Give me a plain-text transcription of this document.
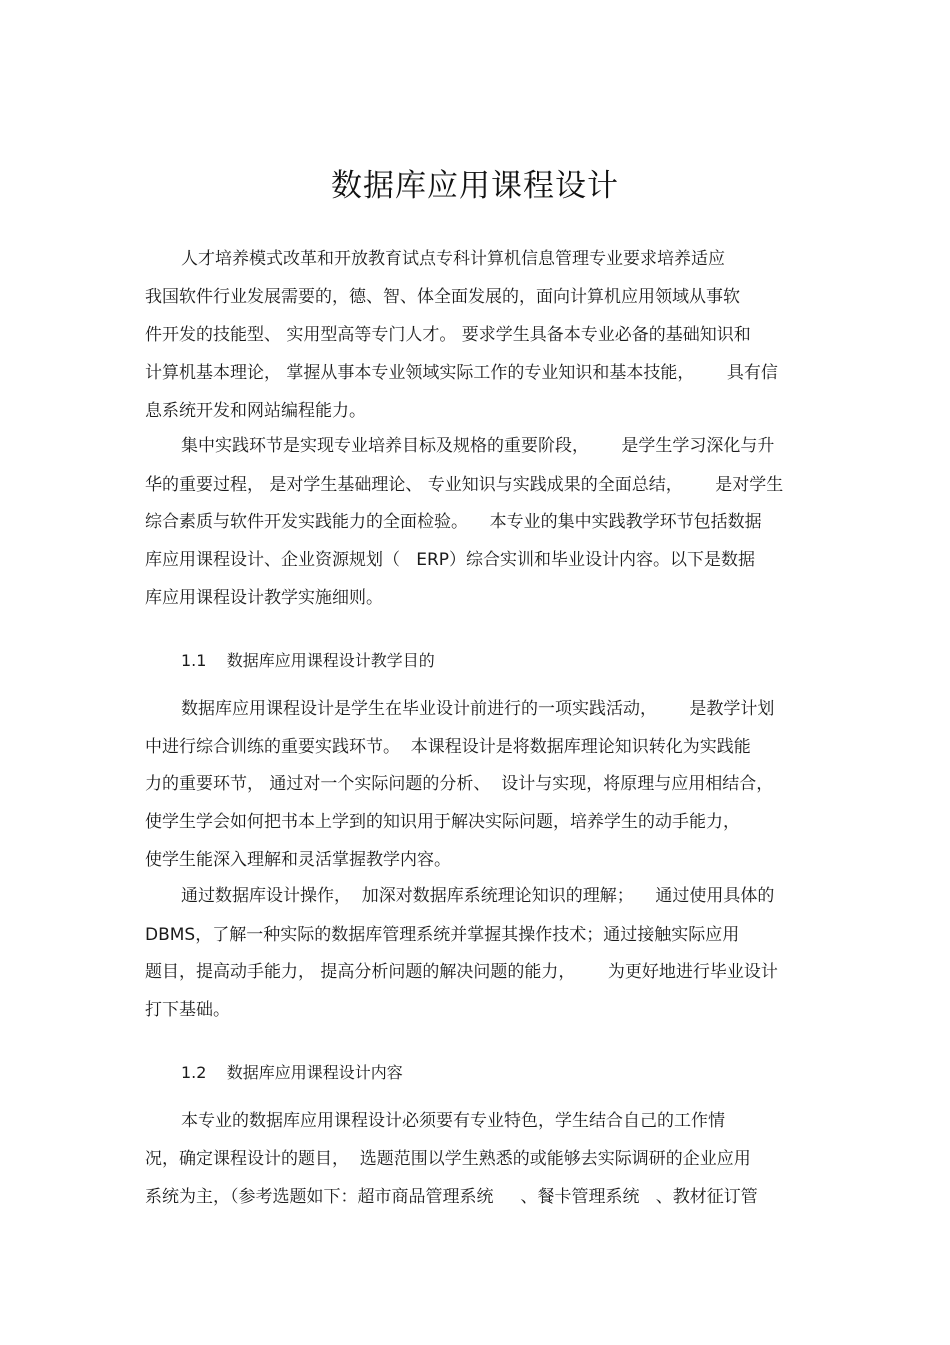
数据库应用课程设计
人才培养模式改革和开放教育试点专科计算机信息管理专业要求培养适应
我国软件行业发展需要的，德、智、体全面发展的，面向计算机应用领域从事软
件开发的技能型、 实用型高等专门人才。 要求学生具备本专业必备的基础知识和
计算机基本理论， 掌握从事本专业领域实际工作的专业知识和基本技能，      具有信
息系统开发和网站编程能力。
集中实践环节是实现专业培养目标及规格的重要阶段，      是学生学习深化与升
华的重要过程， 是对学生基础理论、 专业知识与实践成果的全面总结，      是对学生
综合素质与软件开发实践能力的全面检验。    本专业的集中实践教学环节包括数据
库应用课程设计、企业资源规划（   ERP）综合实训和毕业设计内容。以下是数据
库应用课程设计教学实施细则。
1.1    数据库应用课程设计教学目的
数据库应用课程设计是学生在毕业设计前进行的一项实践活动，      是教学计划
中进行综合训练的重要实践环节。  本课程设计是将数据库理论知识转化为实践能
力的重要环节， 通过对一个实际问题的分析、  设计与实现，将原理与应用相结合，
使学生学会如何把书本上学到的知识用于解决实际问题，培养学生的动手能力，
使学生能深入理解和灵活掌握教学内容。
通过数据库设计操作，  加深对数据库系统理论知识的理解；    通过使用具体的
DBMS，了解一种实际的数据库管理系统并掌握其操作技术；通过接触实际应用
题目，提高动手能力， 提高分析问题的解决问题的能力，      为更好地进行毕业设计
打下基础。
1.2    数据库应用课程设计内容
本专业的数据库应用课程设计必须要有专业特色，学生结合自己的工作情
况，确定课程设计的题目，  选题范围以学生熟悉的或能够去实际调研的企业应用
系统为主，（参考选题如下：超市商品管理系统     、餐卡管理系统   、教材征订管
